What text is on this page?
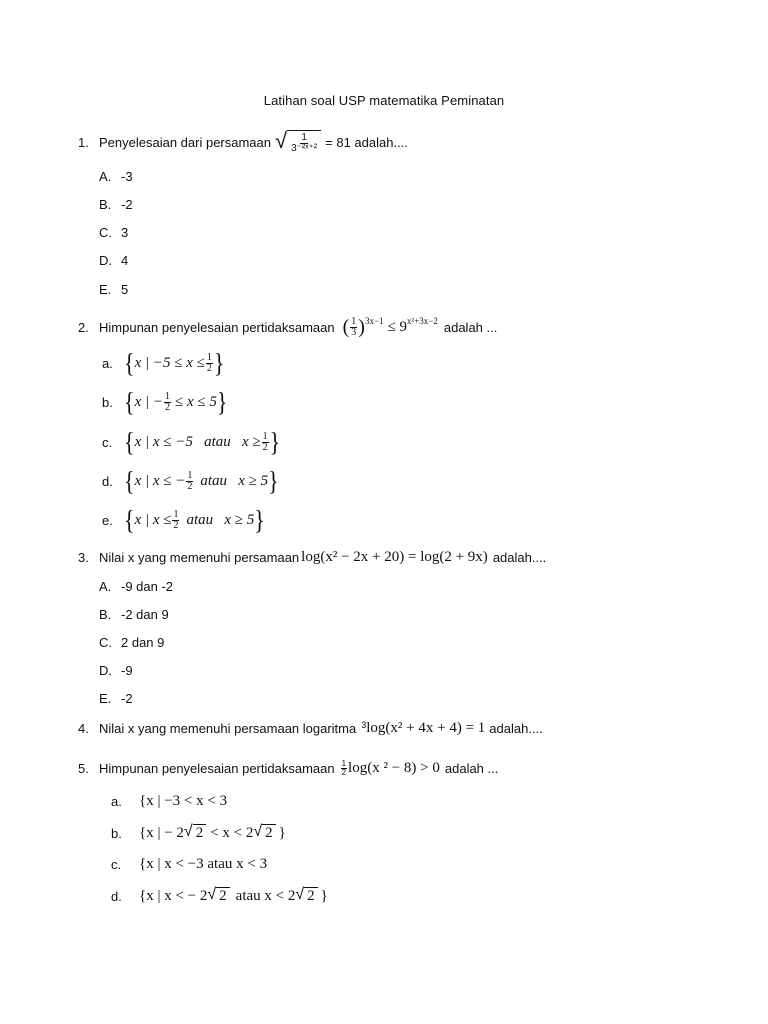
Latihan soal USP matematika Peminatan
1. Penyelesaian dari persamaan √ $\frac{1}{\text{3⁻²ˣ⁺²}} = 81$ adalah....
A. -3
B. -2
C. 3
D. 4
E. 5
2. Himpunan penyelesaian pertidaksamaan ( $\frac{1}{3} )^{3x-1} \le 9^{x^2+3x-2}$ adalah ...
a. { x | $-5 \le x \le \frac{1}{2}$ }
b. { x | − $\frac{1}{2} \le x \le 5$ }
c. { x | x ≤ −5   atau   $x \ge \frac{1}{2}$ }
d. { x | x ≤ − $\frac{1}{2}$ atau   x ≥ 5 }
e. { x | $x \le \frac{1}{2}$ atau   x ≥ 5 }
3. Nilai x yang memenuhi persamaan log(x² − 2x + 20) = log(2 + 9x) adalah....
A. -9 dan -2
B. -2 dan 9
C. 2 dan 9
D. -9
E. -2
4. Nilai x yang memenuhi persamaan logaritma $^3$ log(x² + 4x + 4) = 1 adalah....
5. Himpunan penyelesaian pertidaksamaan $\frac{1}{2} \log(x$ ² − 8) > 0 adalah ...
a.	{x | −3 < x < 3
b.	{x | − 2 √ 2 < x < 2 √ 2 }
c.	{x | x < −3 atau x < 3
d.	{x | x < − 2 √ 2 atau x < 2 √ 2 }
